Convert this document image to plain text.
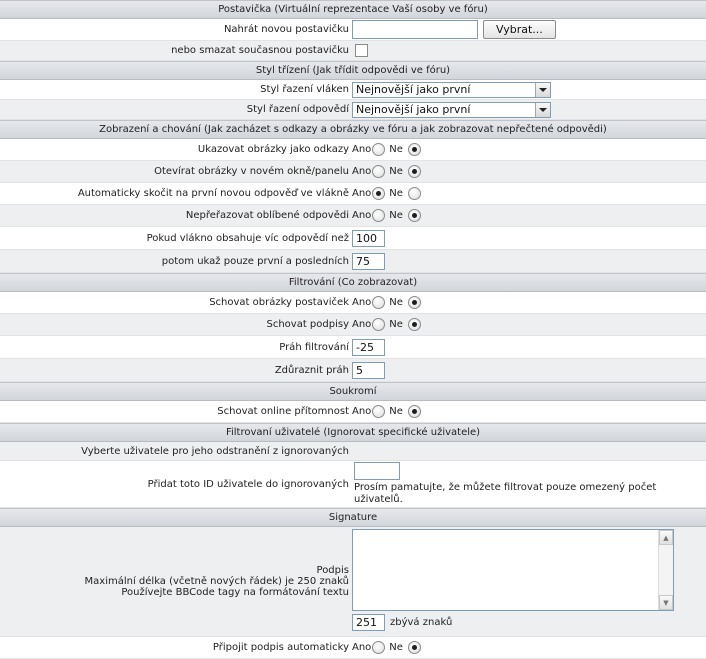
Postavička (Virtuální reprezentace Vaší osoby ve fóru)
Nahrát novou postavičku	Vybrat...
nebo smazat současnou postavičku
Styl třízení (Jak třídit odpovědi ve fóru)
Styl řazení vláken Nejnovější jako první
Styl řazení odpovědí Nejnovější jako první
Zobrazení a chování (Jak zacházet s odkazy a obrázky ve fóru a jak zobrazovat nepřečtené odpovědi)
Ukazovat obrázky jako odkazy Ano Ne
Otevírat obrázky v novém okně/panelu Ano Ne
Automaticky skočit na první novou odpověď ve vlákně Ano Ne
Nepřeřazovat oblíbené odpovědi Ano Ne
Pokud vlákno obsahuje víc odpovědí než 100
potom ukaž pouze první a posledních 75
Filtrování (Co zobrazovat)
Schovat obrázky postaviček Ano Ne
Schovat podpisy Ano Ne
Práh filtrování -25
Zdůraznit práh 5
Soukromí
Schovat online přítomnost Ano Ne
Filtrovaní uživatelé (Ignorovat specifické uživatele)
Vyberte uživatele pro jeho odstranění z ignorovaných
Přidat toto ID uživatele do ignorovaných Prosím pamatujte, že můžete filtrovat pouze omezený počet uživatelů.
Signature
Podpis
Maximální délka (včetně nových řádek) je 250 znaků
Používejte BBCode tagy na formátování textu
▲
▼
251	zbývá znaků
Připojit podpis automaticky Ano Ne
